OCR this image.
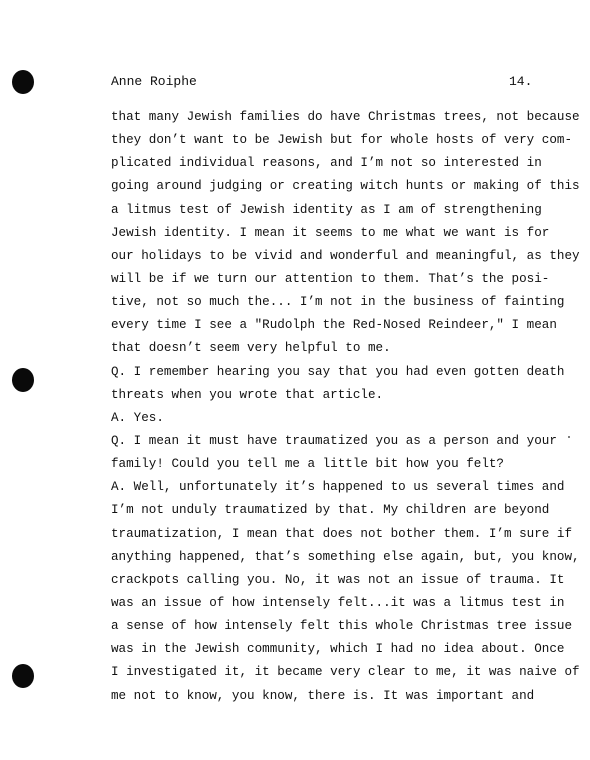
Anne Roiphe	14.
that many Jewish families do have Christmas trees, not because
they don’t want to be Jewish but for whole hosts of very com-
plicated individual reasons, and I’m not so interested in
going around judging or creating witch hunts or making of this
a litmus test of Jewish identity as I am of strengthening
Jewish identity. I mean it seems to me what we want is for
our holidays to be vivid and wonderful and meaningful, as they
will be if we turn our attention to them. That’s the posi-
tive, not so much the... I’m not in the business of fainting
every time I see a "Rudolph the Red-Nosed Reindeer," I mean
that doesn’t seem very helpful to me.
Q. I remember hearing you say that you had even gotten death
threats when you wrote that article.
A. Yes.
Q. I mean it must have traumatized you as a person and your
family! Could you tell me a little bit how you felt?
A. Well, unfortunately it’s happened to us several times and
I’m not unduly traumatized by that. My children are beyond
traumatization, I mean that does not bother them. I’m sure if
anything happened, that’s something else again, but, you know,
crackpots calling you. No, it was not an issue of trauma. It
was an issue of how intensely felt...it was a litmus test in
a sense of how intensely felt this whole Christmas tree issue
was in the Jewish community, which I had no idea about. Once
I investigated it, it became very clear to me, it was naive of
me not to know, you know, there is. It was important and
